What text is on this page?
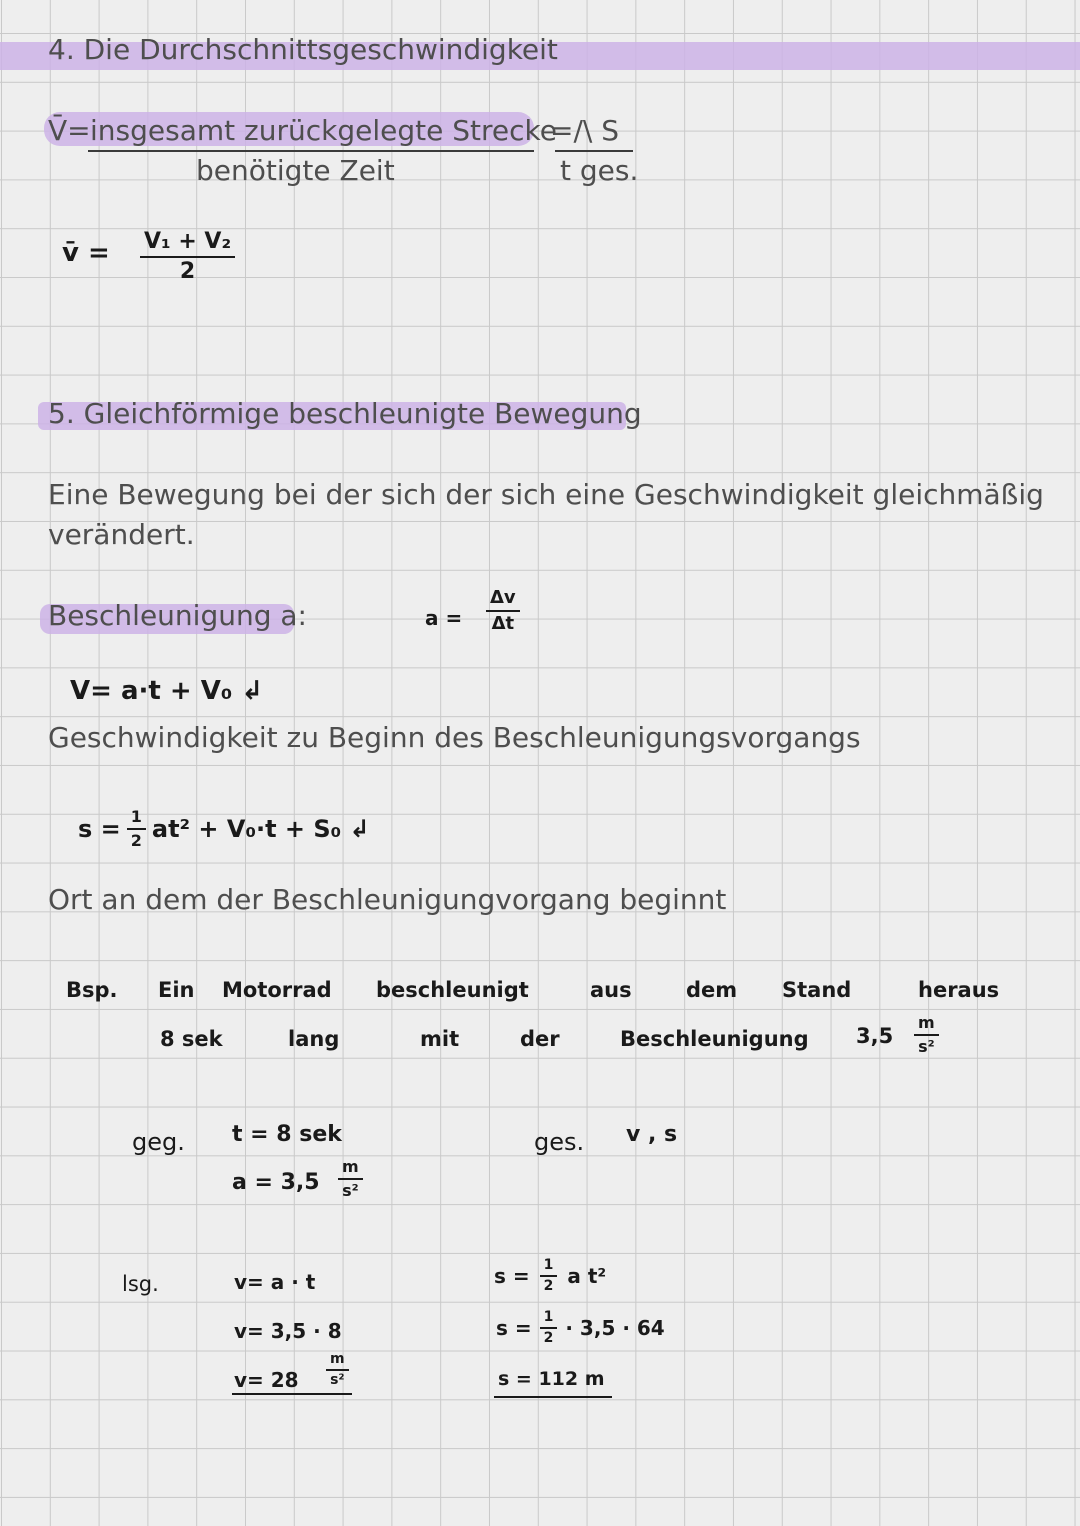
4. Die Durchschnittsgeschwindigkeit
V̄= insgesamt zurückgelegte Strecke
benötigte Zeit
=/\ S
t ges.
v̄ = $\frac{\text{V₁ + V₂}}{2}$
5. Gleichförmige beschleunigte Bewegung
Eine Bewegung bei der sich der sich eine Geschwindigkeit gleichmäßig
verändert.
Beschleunigung a:	$a = \frac{\Delta v}{\Delta t}$
V= a·t + V₀ ↲
Geschwindigkeit zu Beginn des Beschleunigungsvorgangs
$s = \frac{1}{2} at^2 + V_0\cdot t + S_0$ ↲
Ort an dem der Beschleunigungvorgang beginnt
Bsp. Ein Motorrad beschleunigt	aus	dem Stand	heraus
8 sek	lang	mit	der	Beschleunigung $3,5 \frac{m}{\text{s²}}$
geg. t = 8 sek
$a = 3,5 \frac{m}{\text{s²}}$
ges. v , s
lsg.	v= a · t
v= 3,5 · 8
$v= 28 \frac{m}{\text{s²}}$
$s = \frac{1}{2}$ a t²
$s = \frac{1}{2} \cdot 3,5 \cdot 64$
s = 112 m
